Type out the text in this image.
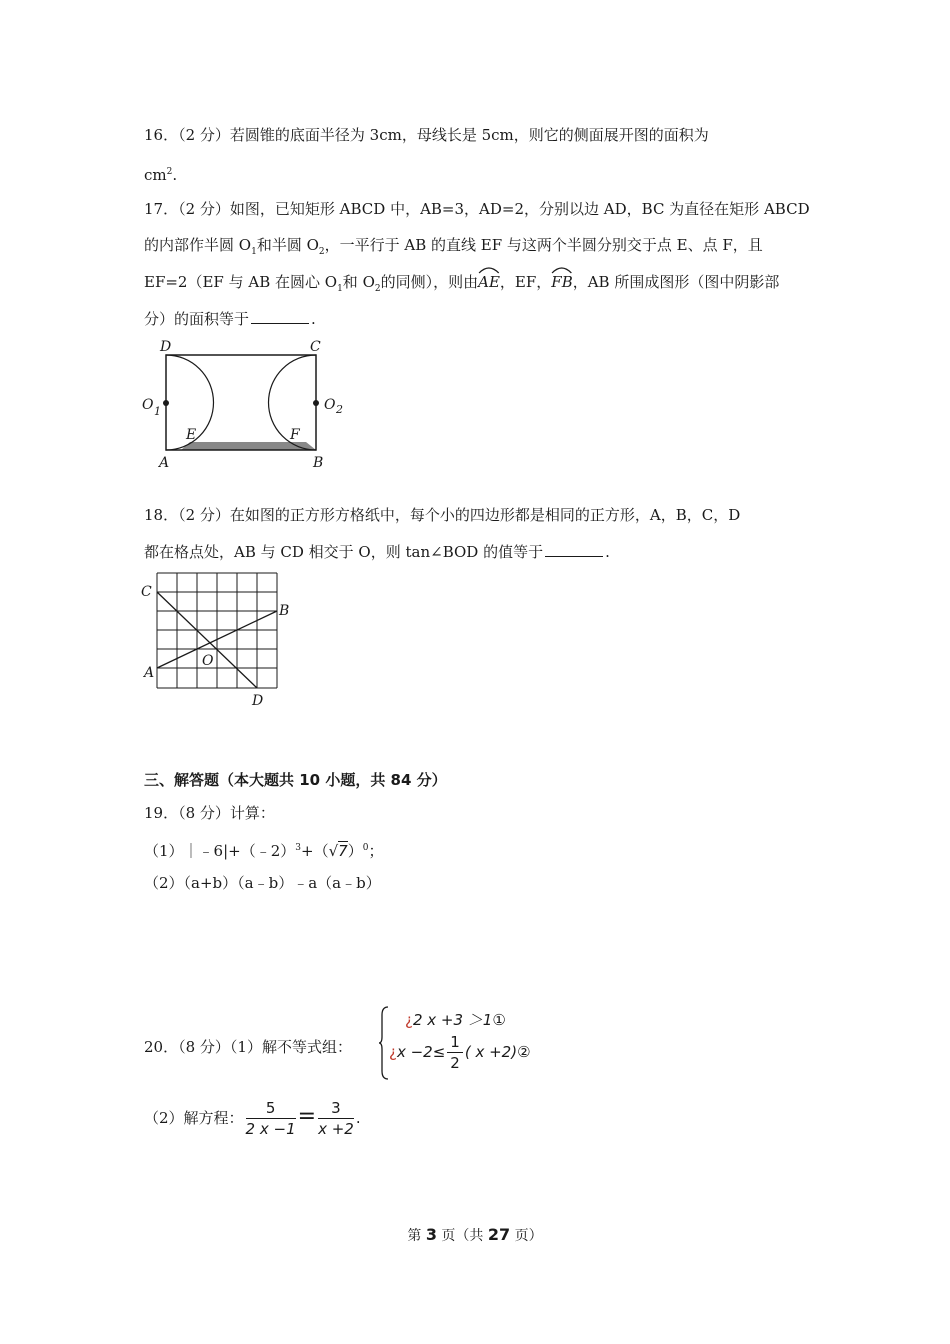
16．（2 分）若圆锥的底面半径为 3cm，母线长是 5cm，则它的侧面展开图的面积为
$cm^2$.
17．（2 分）如图，已知矩形 ABCD 中，AB=3，AD=2，分别以边 AD，BC 为直径在矩形 ABCD
的内部作半圆 $O_1$和半圆 $O_2$，一平行于 AB 的直线 EF 与这两个半圆分别交于点 E、点 F，且
EF=2（EF 与 AB 在圆心 $O_1$和 $O_2$的同侧），则由
AE，EF，
FB，AB 所围成图形（图中阴影部
分）的面积等于	.
D	C
O 1	O 2
E	F
A	B
18．（2 分）在如图的正方形方格纸中，每个小的四边形都是相同的正方形，A，B，C，D
都在格点处，AB 与 CD 相交于 O，则 tan∠BOD 的值等于	.
C
B
O
A
D
三、解答题（本大题共 10 小题，共 84 分）
19．（8 分）计算：
$(1)|﹣6|+(﹣2)^3+(√7)^0$；
（2）（a+b）（a﹣b）﹣a（a﹣b）
20．（8 分）（1）解不等式组：
¿2 x +3 ＞1①
¿$x -2\le \frac{1}{2}$ ( x +2)②
（2）解方程： $\frac{5}{2 x -1} = \frac{3}{x +2}$ .
第 3 页（共 27 页）
